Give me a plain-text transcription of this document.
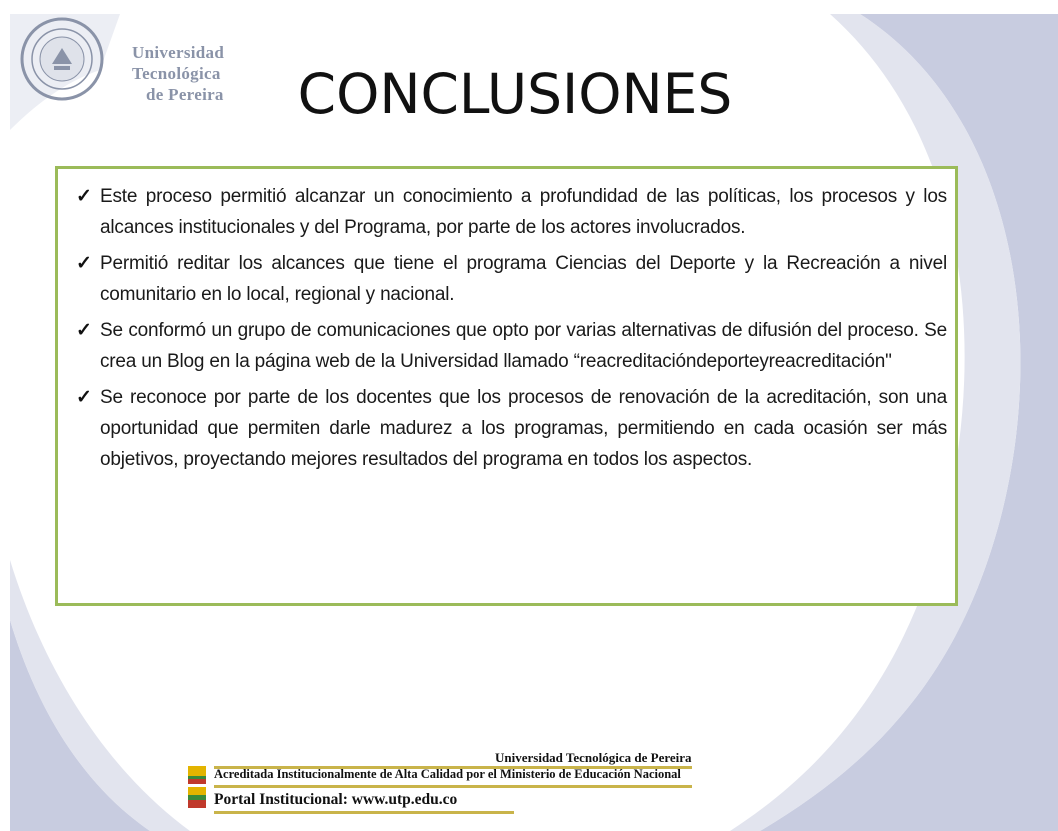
Universidad
Tecnológica
de Pereira	CONCLUSIONES
✓ Este proceso permitió alcanzar un conocimiento a profundidad de las políticas, los procesos y los alcances institucionales y del Programa, por parte de los actores involucrados.
✓ Permitió reditar los alcances que tiene el programa Ciencias del Deporte y la Recreación a nivel comunitario en lo local, regional y nacional.
✓ Se conformó un grupo de comunicaciones que opto por varias alternativas de difusión del proceso. Se crea un Blog en la página web de la Universidad llamado “reacreditacióndeporteyreacreditación"
✓ Se reconoce por parte de los docentes que los procesos de renovación de la acreditación, son una oportunidad que permiten darle madurez a los programas, permitiendo en cada ocasión ser más objetivos, proyectando mejores resultados del programa en todos los aspectos.
Universidad Tecnológica de Pereira
Acreditada Institucionalmente de Alta Calidad por el Ministerio de Educación Nacional
Portal Institucional: www.utp.edu.co
